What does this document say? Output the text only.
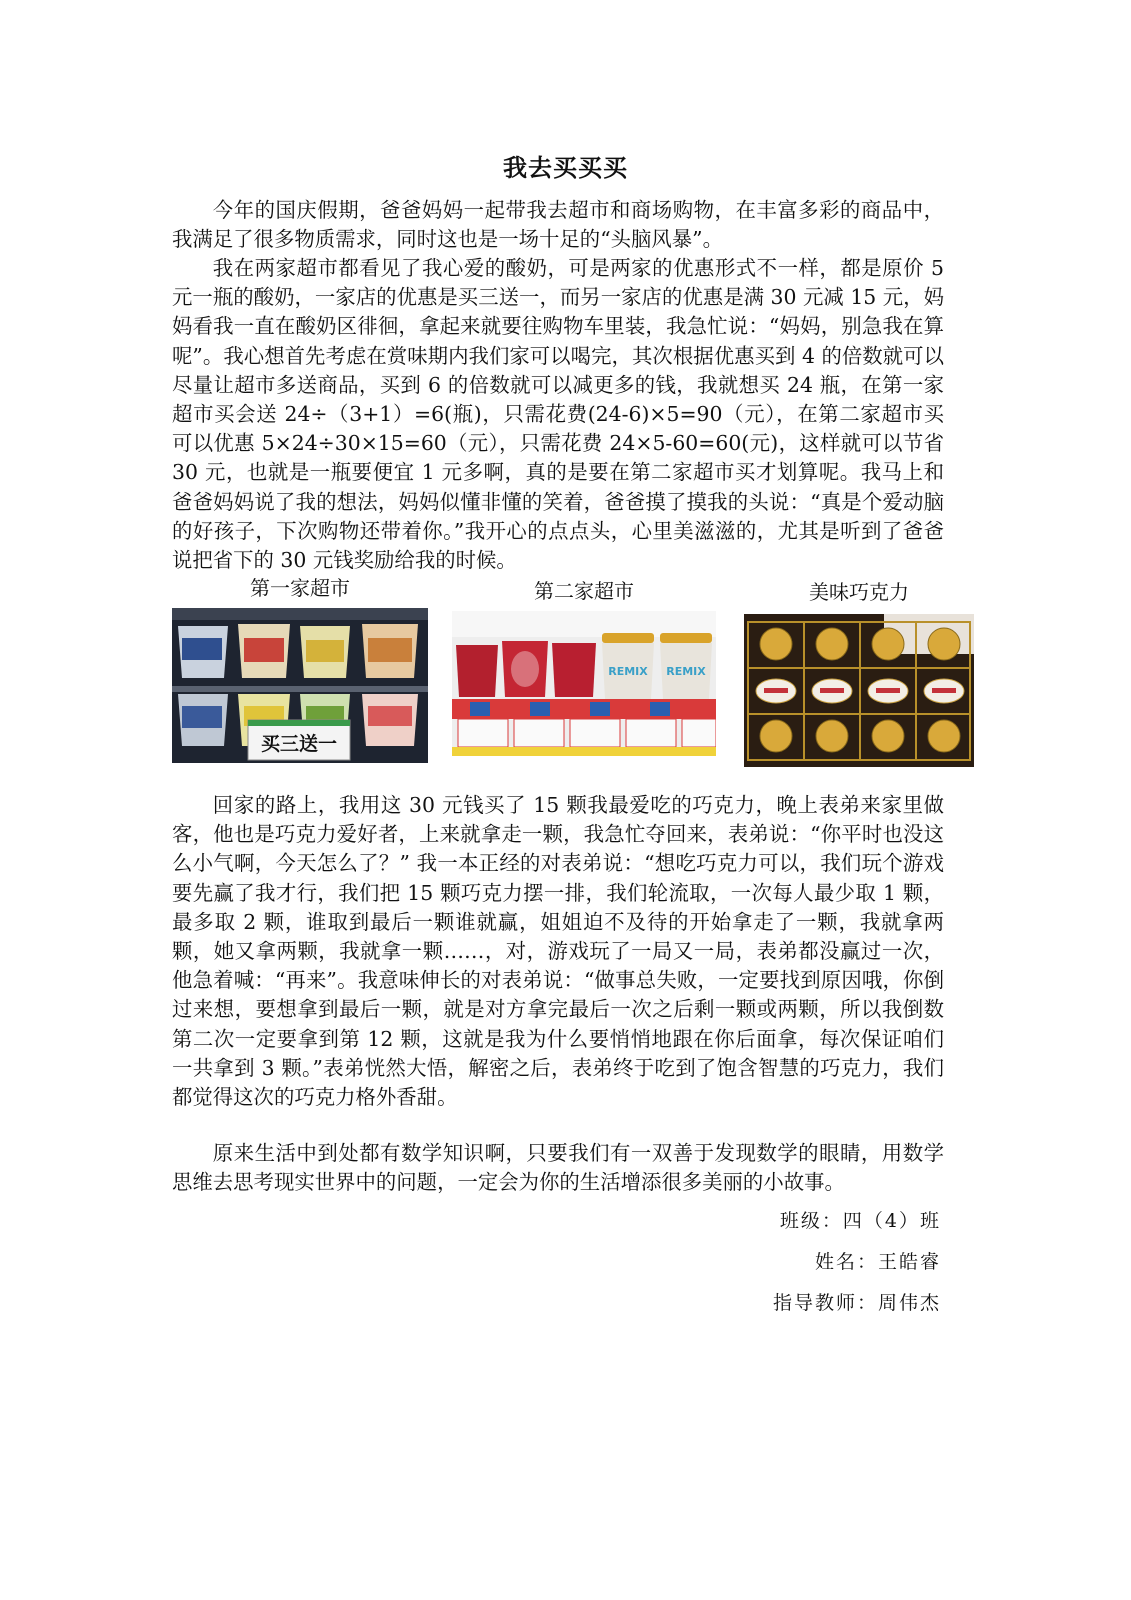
我去买买买

今年的国庆假期，爸爸妈妈一起带我去超市和商场购物，在丰富多彩的商品中，我满足了很多物质需求，同时这也是一场十足的“头脑风暴”。

我在两家超市都看见了我心爱的酸奶，可是两家的优惠形式不一样，都是原价 5 元一瓶的酸奶，一家店的优惠是买三送一，而另一家店的优惠是满 30 元减 15 元，妈妈看我一直在酸奶区徘徊，拿起来就要往购物车里装，我急忙说：“妈妈，别急我在算呢”。我心想首先考虑在赏味期内我们家可以喝完，其次根据优惠买到 4 的倍数就可以尽量让超市多送商品，买到 6 的倍数就可以减更多的钱，我就想买 24 瓶，在第一家超市买会送 24÷（3+1）=6(瓶)，只需花费(24-6)×5=90（元），在第二家超市买可以优惠 5×24÷30×15=60（元），只需花费 24×5-60=60(元)，这样就可以节省 30 元，也就是一瓶要便宜 1 元多啊，真的是要在第二家超市买才划算呢。我马上和爸爸妈妈说了我的想法，妈妈似懂非懂的笑着，爸爸摸了摸我的头说：“真是个爱动脑的好孩子，下次购物还带着你。”我开心的点点头，心里美滋滋的，尤其是听到了爸爸说把省下的 30 元钱奖励给我的时候。

第一家超市	第二家超市	美味巧克力
买三送一
REMIX REMIX

回家的路上，我用这 30 元钱买了 15 颗我最爱吃的巧克力，晚上表弟来家里做客，他也是巧克力爱好者，上来就拿走一颗，我急忙夺回来，表弟说：“你平时也没这么小气啊，今天怎么了？” 我一本正经的对表弟说：“想吃巧克力可以，我们玩个游戏要先赢了我才行，我们把 15 颗巧克力摆一排，我们轮流取，一次每人最少取 1 颗，最多取 2 颗，谁取到最后一颗谁就赢，姐姐迫不及待的开始拿走了一颗，我就拿两颗，她又拿两颗，我就拿一颗……，对，游戏玩了一局又一局，表弟都没赢过一次，他急着喊：“再来”。我意味伸长的对表弟说：“做事总失败，一定要找到原因哦，你倒过来想，要想拿到最后一颗，就是对方拿完最后一次之后剩一颗或两颗，所以我倒数第二次一定要拿到第 12 颗，这就是我为什么要悄悄地跟在你后面拿，每次保证咱们一共拿到 3 颗。”表弟恍然大悟，解密之后，表弟终于吃到了饱含智慧的巧克力，我们都觉得这次的巧克力格外香甜。

原来生活中到处都有数学知识啊，只要我们有一双善于发现数学的眼睛，用数学思维去思考现实世界中的问题，一定会为你的生活增添很多美丽的小故事。

班级：四（4）班
姓名：王皓睿
指导教师：周伟杰
